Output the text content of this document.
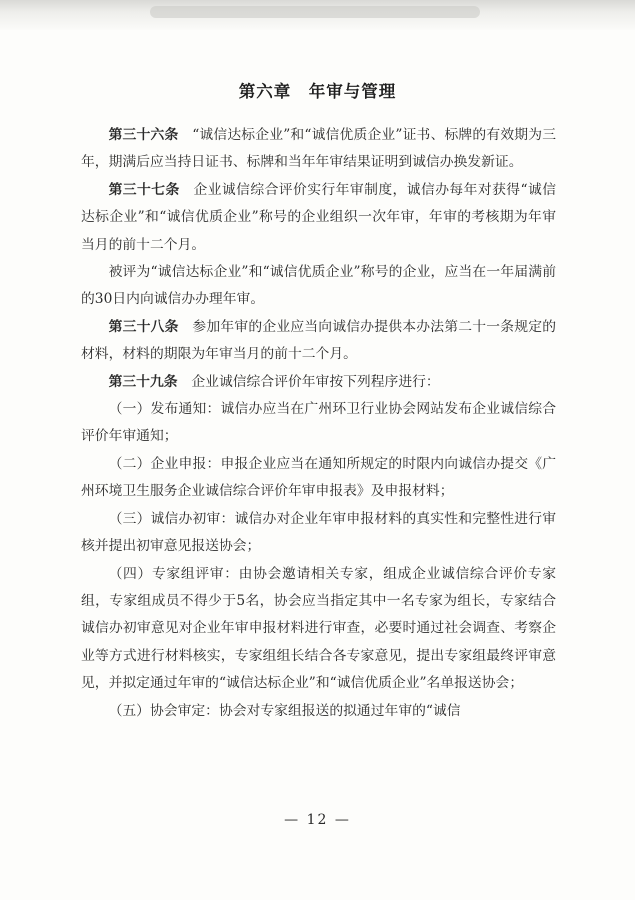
第六章　年审与管理

第三十六条 “诚信达标企业”和“诚信优质企业”证书、标牌的有效期为三年，期满后应当持日证书、标牌和当年年审结果证明到诚信办换发新证。

第三十七条 企业诚信综合评价实行年审制度，诚信办每年对获得“诚信达标企业”和“诚信优质企业”称号的企业组织一次年审，年审的考核期为年审当月的前十二个月。

被评为“诚信达标企业”和“诚信优质企业”称号的企业，应当在一年届满前的30日内向诚信办办理年审。

第三十八条 参加年审的企业应当向诚信办提供本办法第二十一条规定的材料，材料的期限为年审当月的前十二个月。

第三十九条 企业诚信综合评价年审按下列程序进行：

（一）发布通知：诚信办应当在广州环卫行业协会网站发布企业诚信综合评价年审通知；

（二）企业申报：申报企业应当在通知所规定的时限内向诚信办提交《广州环境卫生服务企业诚信综合评价年审申报表》及申报材料；

（三）诚信办初审：诚信办对企业年审申报材料的真实性和完整性进行审核并提出初审意见报送协会；

（四）专家组评审：由协会邀请相关专家，组成企业诚信综合评价专家组，专家组成员不得少于5名，协会应当指定其中一名专家为组长，专家结合诚信办初审意见对企业年审申报材料进行审查，必要时通过社会调查、考察企业等方式进行材料核实，专家组组长结合各专家意见，提出专家组最终评审意见，并拟定通过年审的“诚信达标企业”和“诚信优质企业”名单报送协会；

（五）协会审定：协会对专家组报送的拟通过年审的“诚信

— 12 —
